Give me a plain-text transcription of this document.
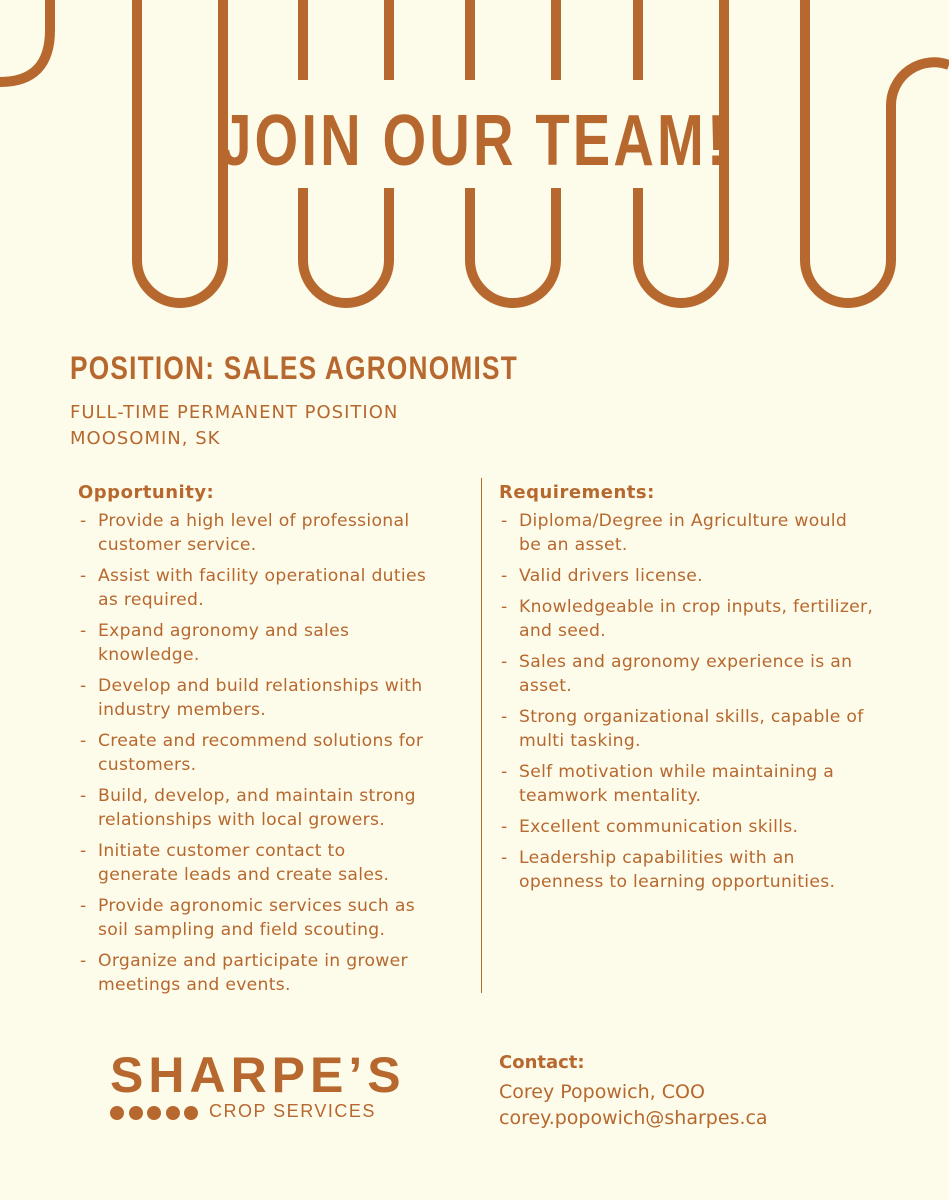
JOIN OUR TEAM!
POSITION: SALES AGRONOMIST
FULL-TIME PERMANENT POSITION
MOOSOMIN, SK
Opportunity:
- Provide a high level of professional
customer service.
- Assist with facility operational duties
as required.
- Expand agronomy and sales
knowledge.
- Develop and build relationships with
industry members.
- Create and recommend solutions for
customers.
- Build, develop, and maintain strong
relationships with local growers.
- Initiate customer contact to
generate leads and create sales.
- Provide agronomic services such as
soil sampling and field scouting.
- Organize and participate in grower
meetings and events.
Requirements:
- Diploma/Degree in Agriculture would
be an asset.
- Valid drivers license.
- Knowledgeable in crop inputs, fertilizer,
and seed.
- Sales and agronomy experience is an
asset.
- Strong organizational skills, capable of
multi tasking.
- Self motivation while maintaining a
teamwork mentality.
- Excellent communication skills.
- Leadership capabilities with an
openness to learning opportunities.
SHARPE’S
CROP SERVICES
Contact:
Corey Popowich, COO
corey.popowich@sharpes.ca
